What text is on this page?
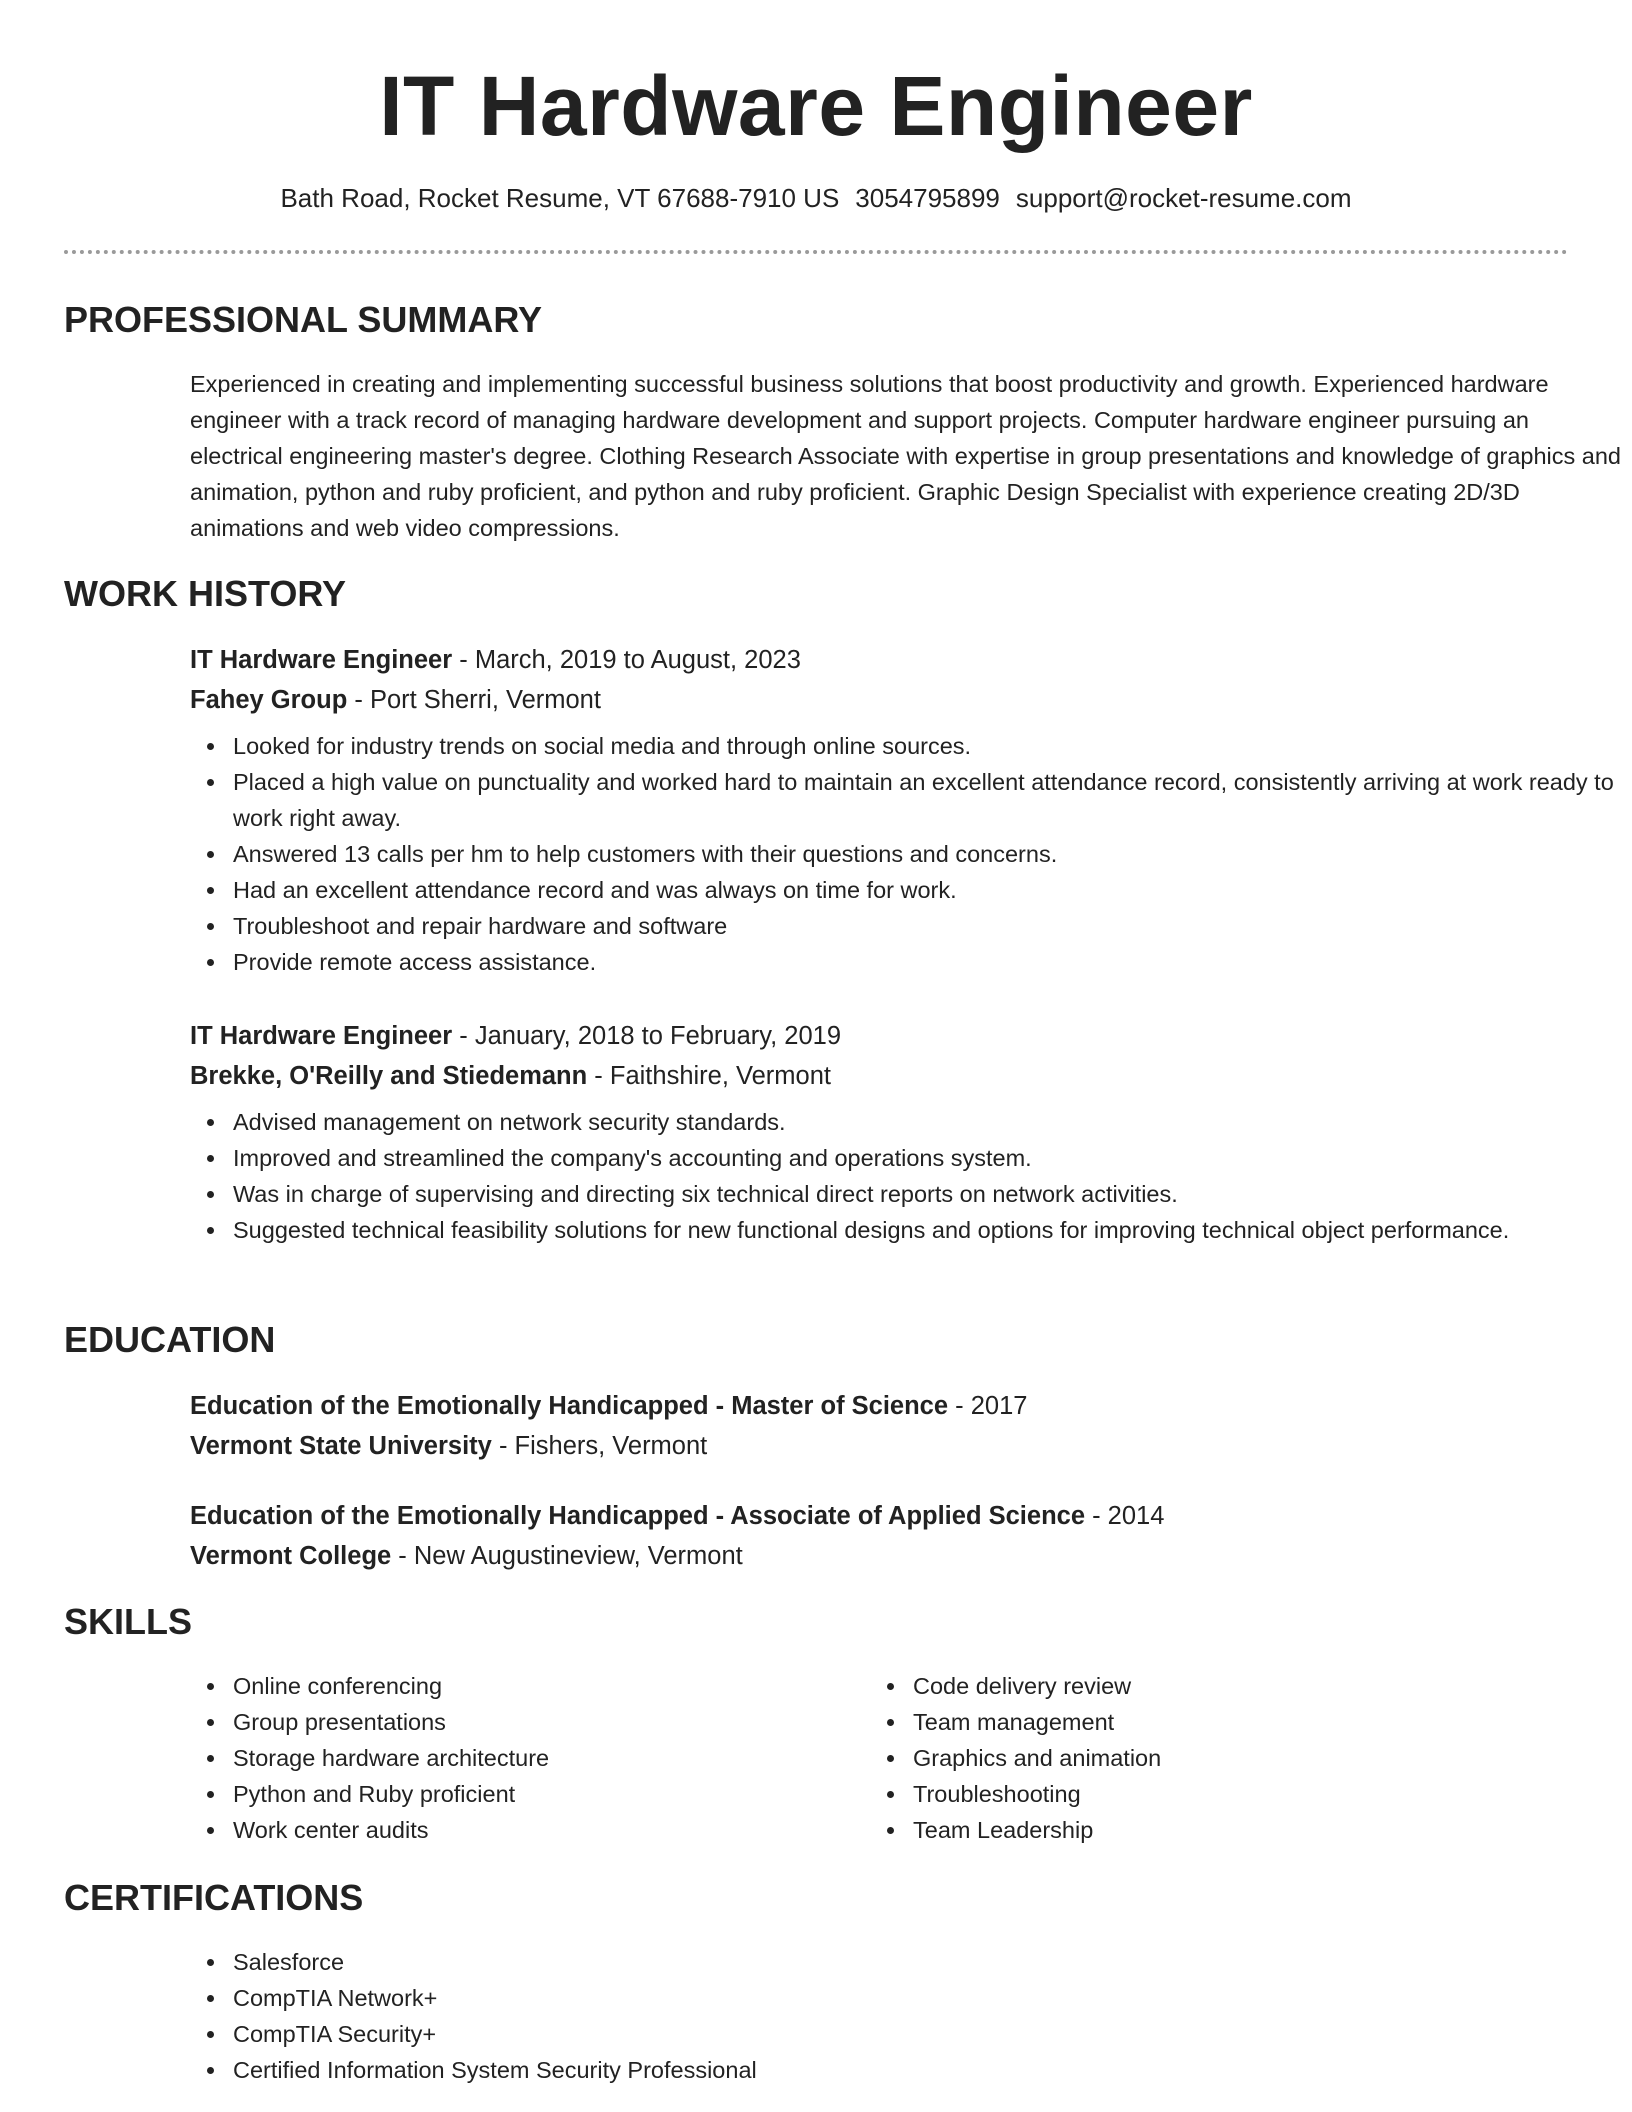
IT Hardware Engineer
Bath Road, Rocket Resume, VT 67688-7910 US 3054795899 support@rocket-resume.com
PROFESSIONAL SUMMARY

Experienced in creating and implementing successful business solutions that boost productivity and growth. Experienced hardware engineer with a track record of managing hardware development and support projects. Computer hardware engineer pursuing an electrical engineering master's degree. Clothing Research Associate with expertise in group presentations and knowledge of graphics and animation, python and ruby proficient, and python and ruby proficient. Graphic Design Specialist with experience creating 2D/3D animations and web video compressions.

WORK HISTORY
IT Hardware Engineer - March, 2019 to August, 2023
Fahey Group - Port Sherri, Vermont
Looked for industry trends on social media and through online sources.
Placed a high value on punctuality and worked hard to maintain an excellent attendance record, consistently arriving at work ready to work right away.
Answered 13 calls per hm to help customers with their questions and concerns.
Had an excellent attendance record and was always on time for work.
Troubleshoot and repair hardware and software
Provide remote access assistance.
IT Hardware Engineer - January, 2018 to February, 2019
Brekke, O'Reilly and Stiedemann - Faithshire, Vermont
Advised management on network security standards.
Improved and streamlined the company's accounting and operations system.
Was in charge of supervising and directing six technical direct reports on network activities.
Suggested technical feasibility solutions for new functional designs and options for improving technical object performance.
EDUCATION
Education of the Emotionally Handicapped - Master of Science - 2017
Vermont State University - Fishers, Vermont
Education of the Emotionally Handicapped - Associate of Applied Science - 2014
Vermont College - New Augustineview, Vermont
SKILLS
Online conferencing
Group presentations
Storage hardware architecture
Python and Ruby proficient
Work center audits
Code delivery review
Team management
Graphics and animation
Troubleshooting
Team Leadership
CERTIFICATIONS
Salesforce
CompTIA Network+
CompTIA Security+
Certified Information System Security Professional
